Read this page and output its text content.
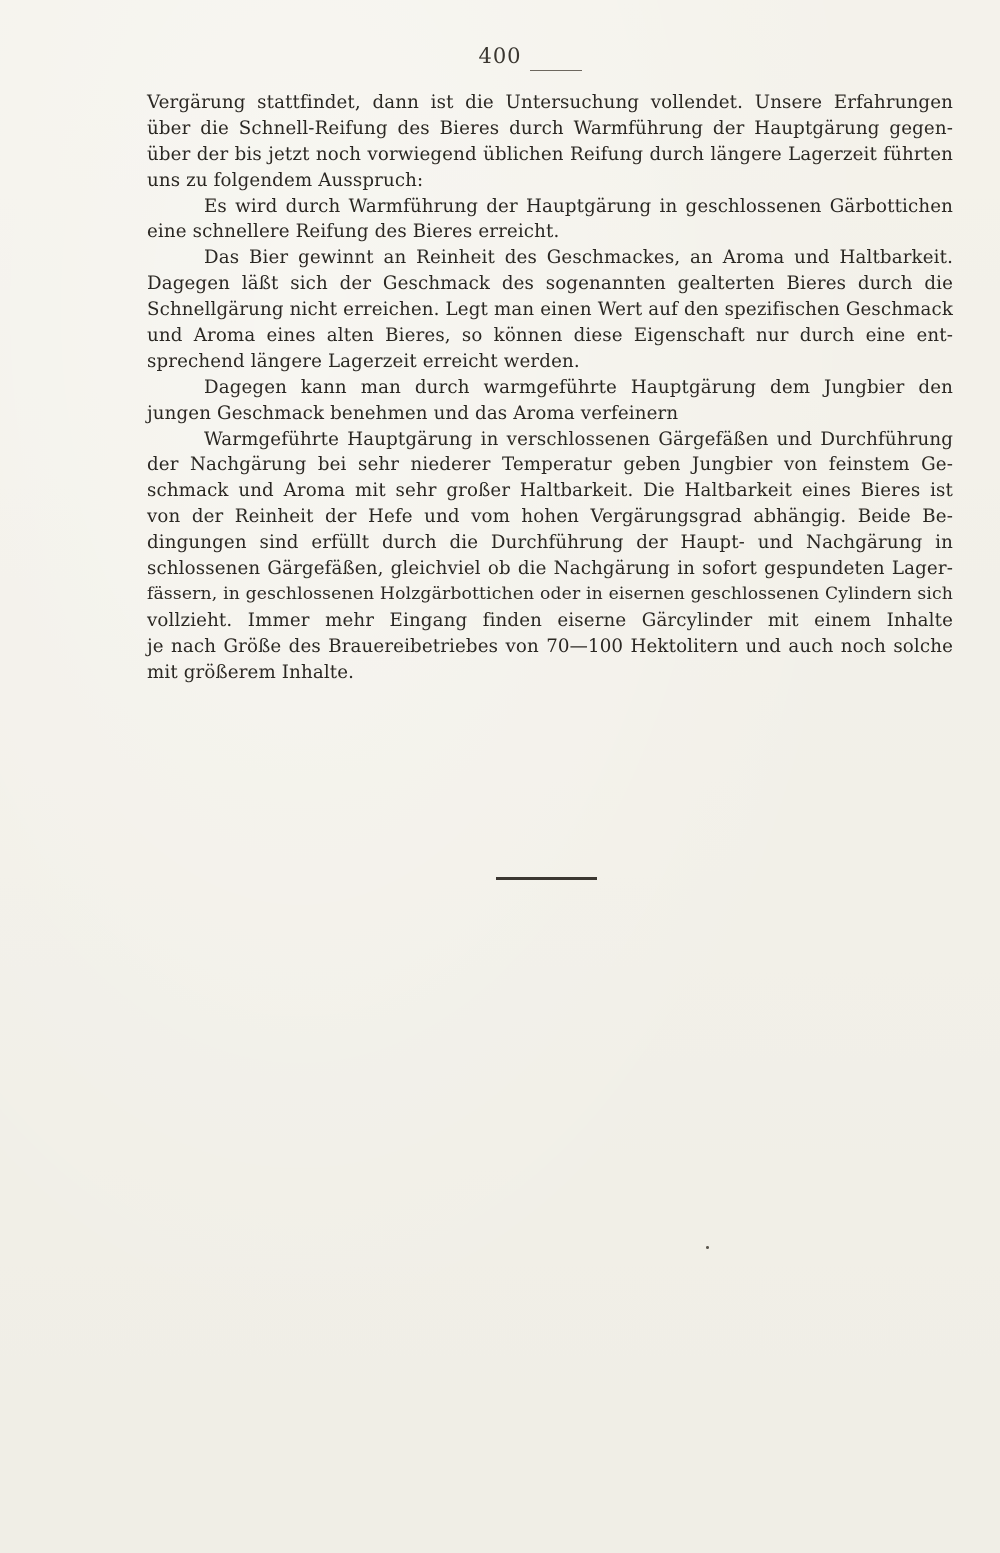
400
Vergärung stattfindet, dann ist die Untersuchung vollendet. Unsere Erfahrungen
über die Schnell-Reifung des Bieres durch Warmführung der Hauptgärung gegen-
über der bis jetzt noch vorwiegend üblichen Reifung durch längere Lagerzeit führten
uns zu folgendem Ausspruch:
Es wird durch Warmführung der Hauptgärung in geschlossenen Gärbottichen
eine schnellere Reifung des Bieres erreicht.
Das Bier gewinnt an Reinheit des Geschmackes, an Aroma und Haltbarkeit.
Dagegen läßt sich der Geschmack des sogenannten gealterten Bieres durch die
Schnellgärung nicht erreichen. Legt man einen Wert auf den spezifischen Geschmack
und Aroma eines alten Bieres, so können diese Eigenschaft nur durch eine ent-
sprechend längere Lagerzeit erreicht werden.
Dagegen kann man durch warmgeführte Hauptgärung dem Jungbier den
jungen Geschmack benehmen und das Aroma verfeinern
Warmgeführte Hauptgärung in verschlossenen Gärgefäßen und Durchführung
der Nachgärung bei sehr niederer Temperatur geben Jungbier von feinstem Ge-
schmack und Aroma mit sehr großer Haltbarkeit. Die Haltbarkeit eines Bieres ist
von der Reinheit der Hefe und vom hohen Vergärungsgrad abhängig. Beide Be-
dingungen sind erfüllt durch die Durchführung der Haupt- und Nachgärung in
schlossenen Gärgefäßen, gleichviel ob die Nachgärung in sofort gespundeten Lager-
fässern, in geschlossenen Holzgärbottichen oder in eisernen geschlossenen Cylindern sich
vollzieht. Immer mehr Eingang finden eiserne Gärcylinder mit einem Inhalte
je nach Größe des Brauereibetriebes von 70—100 Hektolitern und auch noch solche
mit größerem Inhalte.
